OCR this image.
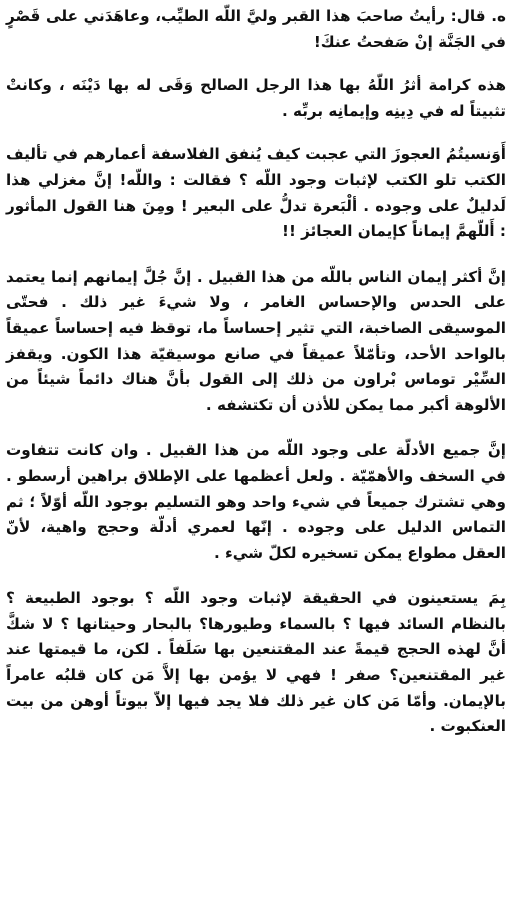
ه. قال: رأيتُ صاحبَ هذا القبر وليَّ اللّه الطيِّب، وعاهَدَني على قَصْرٍ في الجَنَّة إنْ صَفحتُ عنكَ!

هذه كرامة أثرُ اللّهُ بها هذا الرجل الصالح وَقَى له بها دَيْنَه ، وكانتْ تثبيتاً له في دِينِه وإيمانِه بربِّه .

أَوَنسيتُمُ العجوزَ التي عجبت كيف يُنفق الفلاسفة أعمارهم في تأليف الكتب تلو الكتب لإثبات وجود اللّه ؟ فقالت : واللّه! إنَّ مغزلي هذا لَدليلٌ على وجوده . ألْبَعرة تدلُّ على البعير ! ومِنَ هنا القول المأثور : أَللّهمَّ إيماناً كإيمان العجائز !!

إنَّ أكثر إيمان الناس باللّه من هذا القبيل . إنَّ جُلَّ إيمانهم إنما يعتمد على الحدس والإحساس الغامر ، ولا شيءَ غير ذلك . فحتّى الموسيقى الصاخبة، التي تثير إحساساً ما، توقظ فيه إحساساً عميقاً بالواحد الأحد، وتأمّلاً عميقاً في صانع موسيقيّة هذا الكون. ويقفز السِّيْر توماس بْراون من ذلك إلى القول بأنَّ هناك دائماً شيئاً من الألوهة أكبر مما يمكن للأذن أن تكتشفه .

إنَّ جميع الأدلّة على وجود اللّه من هذا القبيل . وان كانت تتفاوت في السخف والأهمّيّة . ولعل أعظمها على الإطلاق براهين أرسطو . وهي تشترك جميعاً في شيء واحد وهو التسليم بوجود اللّه أوّلاً ؛ ثم التماس الدليل على وجوده . إنّها لعمري أدلّة وحجج واهية، لأنّ العقل مطواع يمكن تسخيره لكلّ شيء .

بِمَ يستعينون في الحقيقة لإثبات وجود اللّه ؟ بوجود الطبيعة ؟ بالنظام السائد فيها ؟ بالسماء وطيورها؟ بالبحار وحيتانها ؟ لا شكَّ أنَّ لهذه الحجج قيمةً عند المقتنعين بها سَلَفاً . لكن، ما قيمتها عند غير المقتنعين؟ صفر ! فهي لا يؤمن بها إلاَّ مَن كان قلبُه عامراً بالإيمان. وأمّا مَن كان غير ذلك فلا يجد فيها إلاّ بيوتاً أوهن من بيت العنكبوت .
